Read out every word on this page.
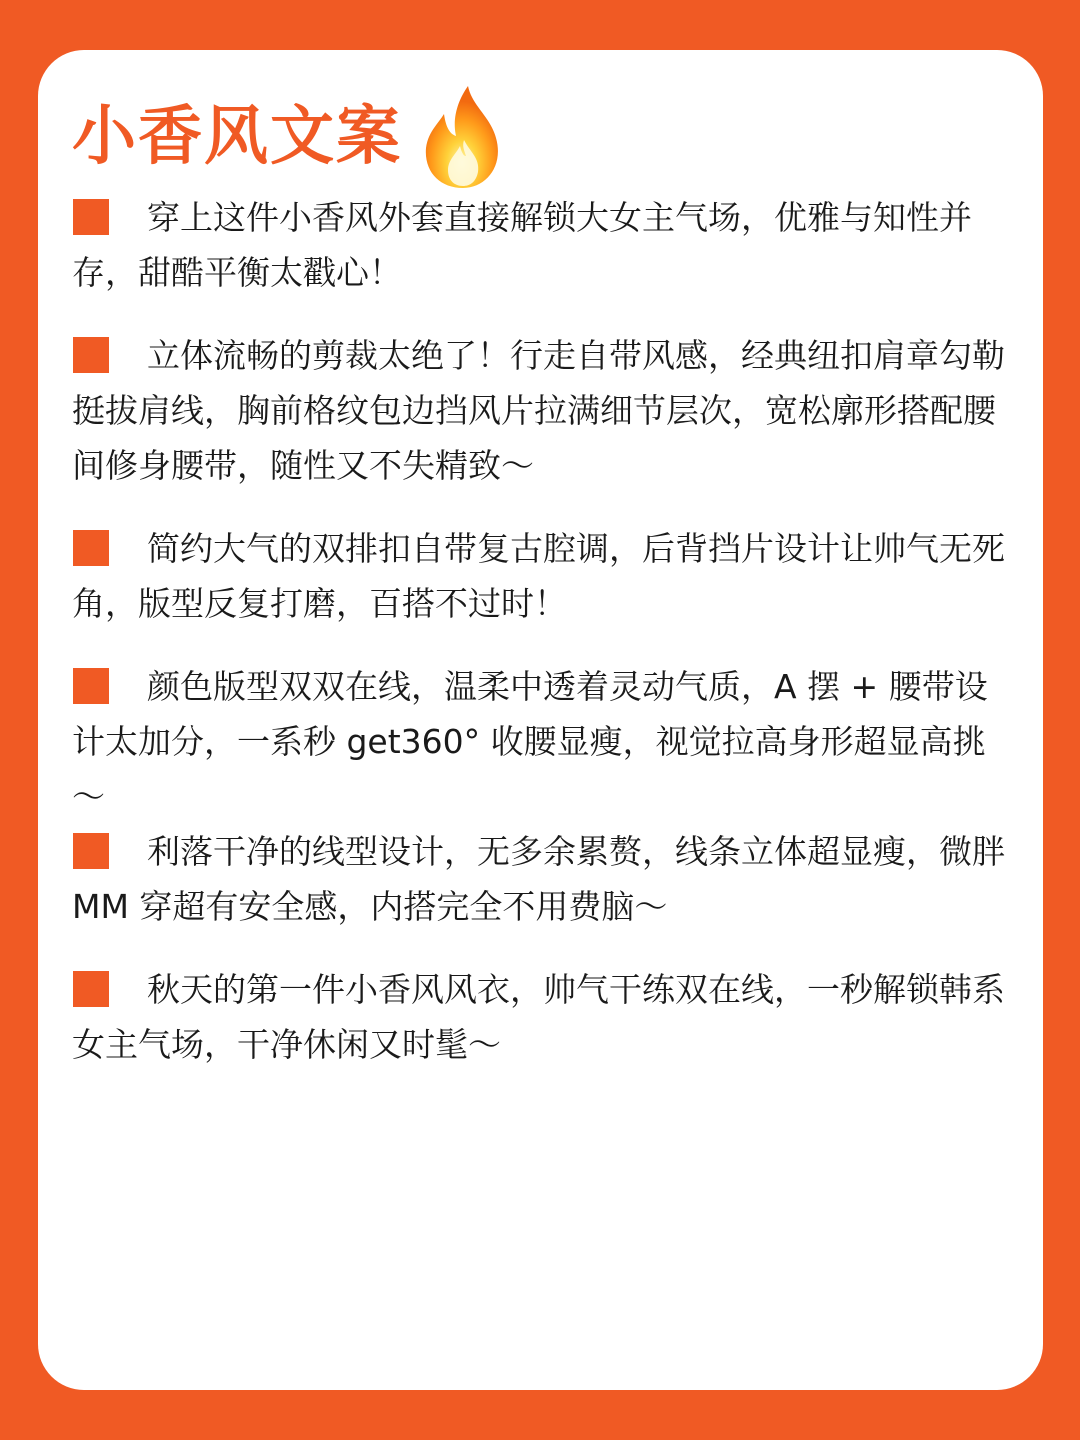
小香风文案
穿上这件小香风外套直接解锁大女主气场，优雅与知性并存，甜酷平衡太戳心！
立体流畅的剪裁太绝了！行走自带风感，经典纽扣肩章勾勒挺拔肩线，胸前格纹包边挡风片拉满细节层次，宽松廓形搭配腰间修身腰带，随性又不失精致～
简约大气的双排扣自带复古腔调，后背挡片设计让帅气无死角，版型反复打磨，百搭不过时！
颜色版型双双在线，温柔中透着灵动气质，A 摆 + 腰带设计太加分，一系秒 get360° 收腰显瘦，视觉拉高身形超显高挑～
利落干净的线型设计，无多余累赘，线条立体超显瘦，微胖 MM 穿超有安全感，内搭完全不用费脑～
秋天的第一件小香风风衣，帅气干练双在线，一秒解锁韩系女主气场，干净休闲又时髦～
